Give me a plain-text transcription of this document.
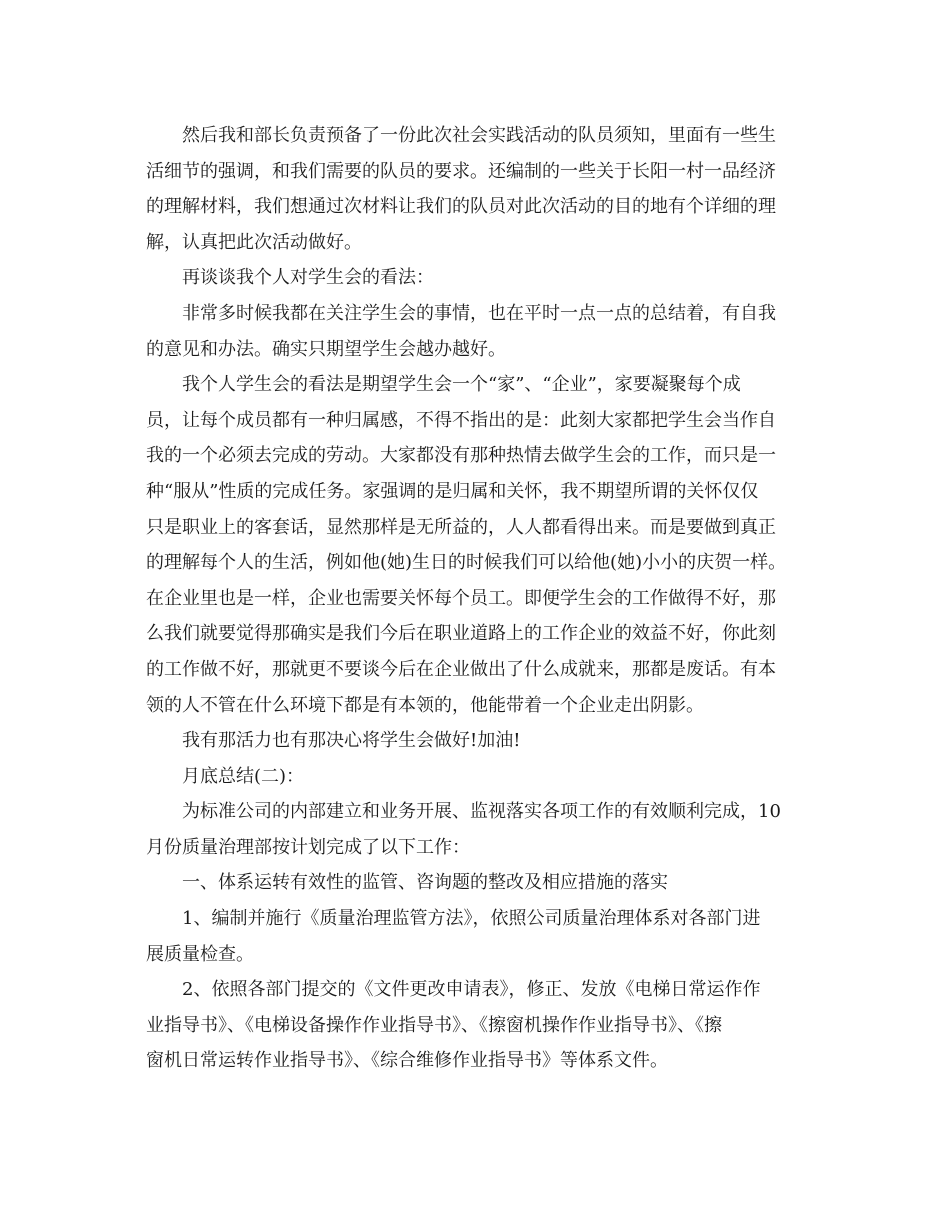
然后我和部长负责预备了一份此次社会实践活动的队员须知，里面有一些生
活细节的强调，和我们需要的队员的要求。还编制的一些关于长阳一村一品经济
的理解材料，我们想通过次材料让我们的队员对此次活动的目的地有个详细的理
解，认真把此次活动做好。
再谈谈我个人对学生会的看法：
非常多时候我都在关注学生会的事情，也在平时一点一点的总结着，有自我
的意见和办法。确实只期望学生会越办越好。
我个人学生会的看法是期望学生会一个“家”、“企业”，家要凝聚每个成
员，让每个成员都有一种归属感，不得不指出的是：此刻大家都把学生会当作自
我的一个必须去完成的劳动。大家都没有那种热情去做学生会的工作，而只是一
种“服从”性质的完成任务。家强调的是归属和关怀，我不期望所谓的关怀仅仅
只是职业上的客套话，显然那样是无所益的，人人都看得出来。而是要做到真正
的理解每个人的生活，例如他(她)生日的时候我们可以给他(她)小小的庆贺一样。
在企业里也是一样，企业也需要关怀每个员工。即便学生会的工作做得不好，那
么我们就要觉得那确实是我们今后在职业道路上的工作企业的效益不好，你此刻
的工作做不好，那就更不要谈今后在企业做出了什么成就来，那都是废话。有本
领的人不管在什么环境下都是有本领的，他能带着一个企业走出阴影。
我有那活力也有那决心将学生会做好!加油!
月底总结(二)：
为标准公司的内部建立和业务开展、监视落实各项工作的有效顺利完成，10
月份质量治理部按计划完成了以下工作：
一、体系运转有效性的监管、咨询题的整改及相应措施的落实
1、编制并施行《质量治理监管方法》，依照公司质量治理体系对各部门进
展质量检查。
2、依照各部门提交的《文件更改申请表》，修正、发放《电梯日常运作作
业指导书》、《电梯设备操作作业指导书》、《擦窗机操作作业指导书》、《擦
窗机日常运转作业指导书》、《综合维修作业指导书》等体系文件。
